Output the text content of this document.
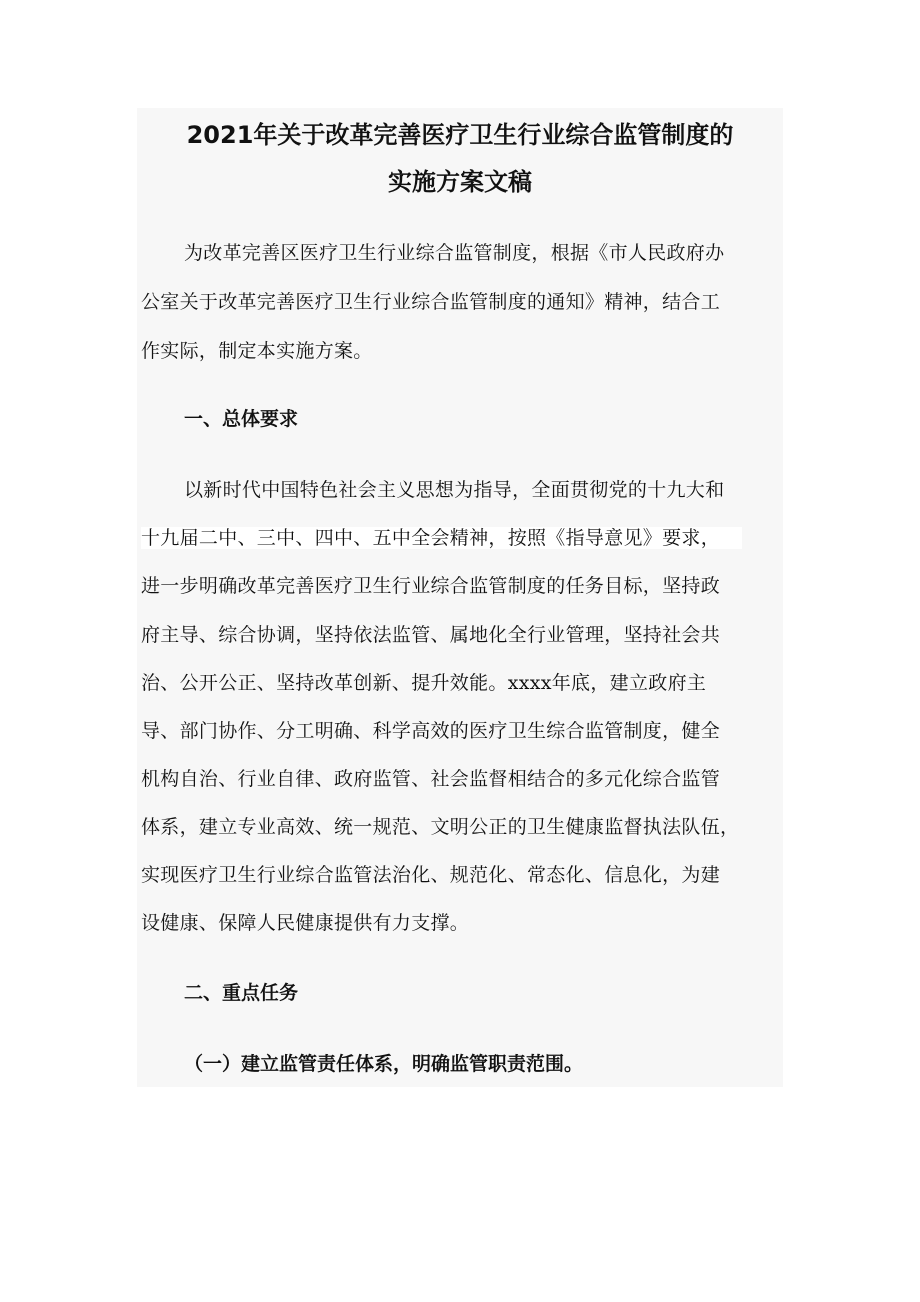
2021年关于改革完善医疗卫生行业综合监管制度的
实施方案文稿
为改革完善区医疗卫生行业综合监管制度，根据《市人民政府办
公室关于改革完善医疗卫生行业综合监管制度的通知》精神，结合工
作实际，制定本实施方案。
一、总体要求
以新时代中国特色社会主义思想为指导，全面贯彻党的十九大和
十九届二中、三中、四中、五中全会精神，按照《指导意见》要求，
进一步明确改革完善医疗卫生行业综合监管制度的任务目标，坚持政
府主导、综合协调，坚持依法监管、属地化全行业管理，坚持社会共
治、公开公正、坚持改革创新、提升效能。xxxx年底，建立政府主
导、部门协作、分工明确、科学高效的医疗卫生综合监管制度，健全
机构自治、行业自律、政府监管、社会监督相结合的多元化综合监管
体系，建立专业高效、统一规范、文明公正的卫生健康监督执法队伍，
实现医疗卫生行业综合监管法治化、规范化、常态化、信息化，为建
设健康、保障人民健康提供有力支撑。
二、重点任务
（一）建立监管责任体系，明确监管职责范围。
